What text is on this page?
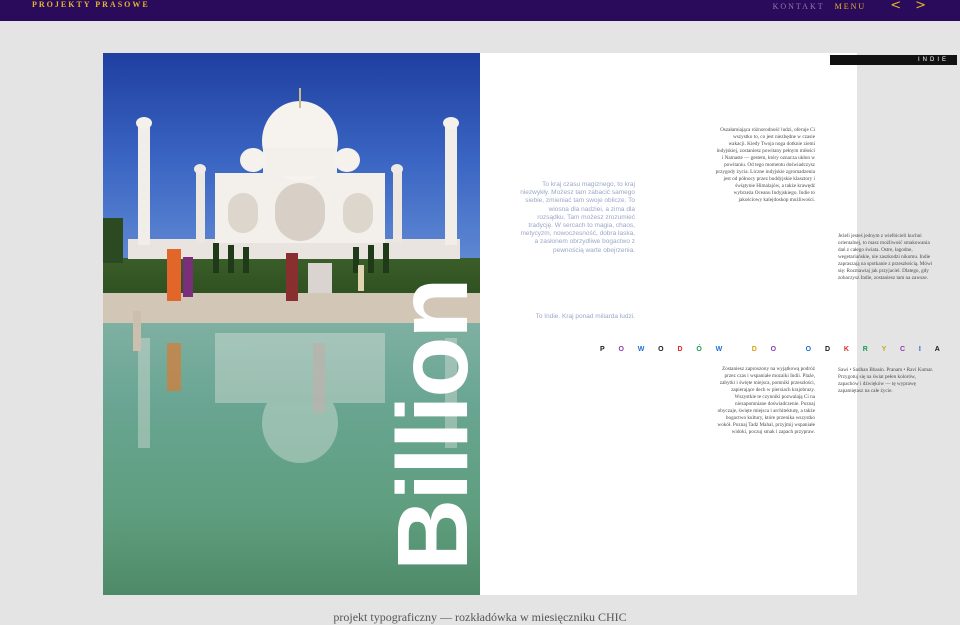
PROJEKTY PRASOWE	KONTAKT MENU < >
Billion
To kraj czasu magiznego, to kraj niezwykły. Możesz tam zabacić samego siebie, zmieniać tam swoje oblicze. To wiosna dla nadziei, a zima dla rozsądku. Tam możesz zrozumieć tradycję. W sercach to magia, chaos, metycyzm, nowoczesność, dobra łaska, a zasłonem obrzydliwe bogactwo z pewnością warte obejrzenia.
To Indie. Kraj ponad miliarda ludzi.
INDIE
Oszałamiająca różnorodność ludzi, oferuje Ci wszystko to, co jest niezbędne w czasie wakacji. Kiedy Twoja noga dotknie ziemi indyjskiej, zostaniesz powitany pełnym miłości i Namaste — gestem, który oznacza ukłon w powitaniu. Od tego momentu doświadczysz przygody życia. Liczne indyjskie zgromadzenia jest od północy przez buddyjskie klasztory i świątynie Himalajów, a także krawędź wybrzeża Oceanu Indyjskiego. Indie to jakościowy kalejdoskop możliwości.
Zostaniesz zaproszony na wyjątkową podróż przez czas i wspaniałe mozaiki Indii. Plaże, zabytki i święte miejsca, pomniki przeszłości, zapierające dech w piersiach krajobrazy. Wszystkie te czynniki pozwalają Ci na niezapomniane doświadczenie. Poznaj obyczaje, święte miejsca i architekturę, a także bogactwo kultury, które przenika wszystko wokół. Poznaj Tadż Mahal, przyjmij wspaniałe widoki, poczuj smak i zapach przypraw.
Jeżeli jesteś jednym z wielbicieli kuchni orientalnej, to masz możliwość smakowania dań z całego świata. Ostre, łagodne, wegetariańskie, nie zaszkodzi nikomu. Indie zapraszają na spotkanie z przeszłością. Mówi się: Rozmawiaj jak przyjaciel. Dlatego, gdy zobaczysz Indie, zostaniesz tam na zawsze.
Sawi • Sadhan Bhasin. Pranam • Ravi Kumar. Przygotuj się na świat pełen kolorów, zapachów i dźwięków — tę wyprawę zapamiętasz na całe życie.
P O W O D Ó W
	D O
	O D K R Y C I A
projekt typograficzny — rozkładówka w miesięczniku CHIC
